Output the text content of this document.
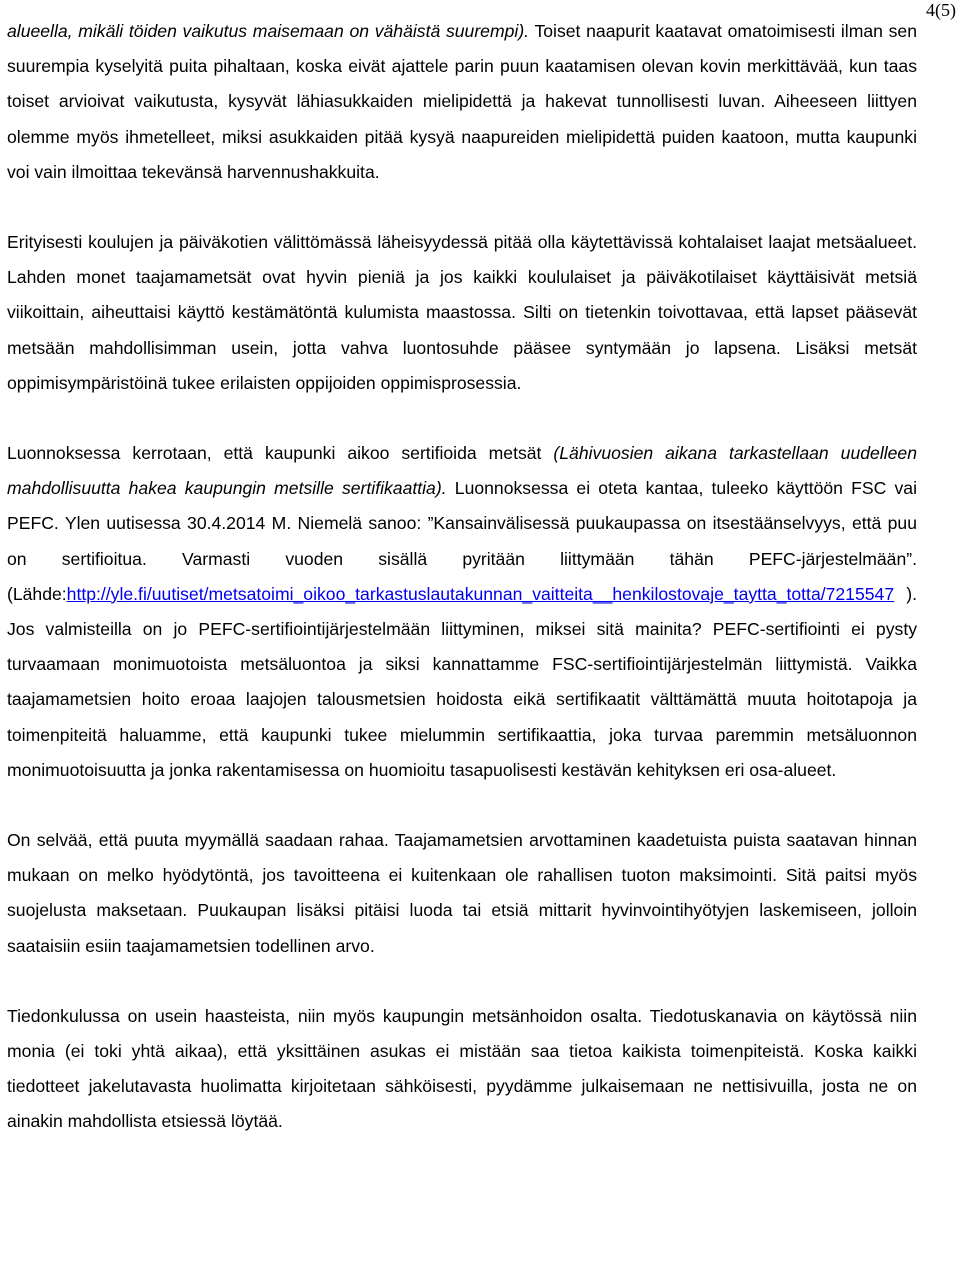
4(5)

alueella, mikäli töiden vaikutus maisemaan on vähäistä suurempi). Toiset naapurit kaatavat omatoimisesti ilman sen suurempia kyselyitä puita pihaltaan, koska eivät ajattele parin puun kaatamisen olevan kovin merkittävää, kun taas toiset arvioivat vaikutusta, kysyvät lähiasukkaiden mielipidettä ja hakevat tunnollisesti luvan. Aiheeseen liittyen olemme myös ihmetelleet, miksi asukkaiden pitää kysyä naapureiden mielipidettä puiden kaatoon, mutta kaupunki voi vain ilmoittaa tekevänsä harvennushakkuita.

Erityisesti koulujen ja päiväkotien välittömässä läheisyydessä pitää olla käytettävissä kohtalaiset laajat metsäalueet. Lahden monet taajamametsät ovat hyvin pieniä ja jos kaikki koululaiset ja päiväkotilaiset käyttäisivät metsiä viikoittain, aiheuttaisi käyttö kestämätöntä kulumista maastossa. Silti on tietenkin toivottavaa, että lapset pääsevät metsään mahdollisimman usein, jotta vahva luontosuhde pääsee syntymään jo lapsena. Lisäksi metsät oppimisympäristöinä tukee erilaisten oppijoiden oppimisprosessia.

Luonnoksessa kerrotaan, että kaupunki aikoo sertifioida metsät (Lähivuosien aikana tarkastellaan uudelleen mahdollisuutta hakea kaupungin metsille sertifikaattia). Luonnoksessa ei oteta kantaa, tuleeko käyttöön FSC vai PEFC. Ylen uutisessa 30.4.2014 M. Niemelä sanoo: ”Kansainvälisessä puukaupassa on itsestäänselvyys, että puu on sertifioitua. Varmasti vuoden sisällä pyritään liittymään tähän PEFC-järjestelmään”. (Lähde:http://yle.fi/uutiset/metsatoimi_oikoo_tarkastuslautakunnan_vaitteita__henkilostovaje_taytta_totta/7215547 ). Jos valmisteilla on jo PEFC-sertifiointijärjestelmään liittyminen, miksei sitä mainita? PEFC-sertifiointi ei pysty turvaamaan monimuotoista metsäluontoa ja siksi kannattamme FSC-sertifiointijärjestelmän liittymistä. Vaikka taajamametsien hoito eroaa laajojen talousmetsien hoidosta eikä sertifikaatit välttämättä muuta hoitotapoja ja toimenpiteitä haluamme, että kaupunki tukee mielummin sertifikaattia, joka turvaa paremmin metsäluonnon monimuotoisuutta ja jonka rakentamisessa on huomioitu tasapuolisesti kestävän kehityksen eri osa-alueet.

On selvää, että puuta myymällä saadaan rahaa. Taajamametsien arvottaminen kaadetuista puista saatavan hinnan mukaan on melko hyödytöntä, jos tavoitteena ei kuitenkaan ole rahallisen tuoton maksimointi. Sitä paitsi myös suojelusta maksetaan. Puukaupan lisäksi pitäisi luoda tai etsiä mittarit hyvinvointihyötyjen laskemiseen, jolloin saataisiin esiin taajamametsien todellinen arvo.

Tiedonkulussa on usein haasteista, niin myös kaupungin metsänhoidon osalta. Tiedotuskanavia on käytössä niin monia (ei toki yhtä aikaa), että yksittäinen asukas ei mistään saa tietoa kaikista toimenpiteistä. Koska kaikki tiedotteet jakelutavasta huolimatta kirjoitetaan sähköisesti, pyydämme julkaisemaan ne nettisivuilla, josta ne on ainakin mahdollista etsiessä löytää.
